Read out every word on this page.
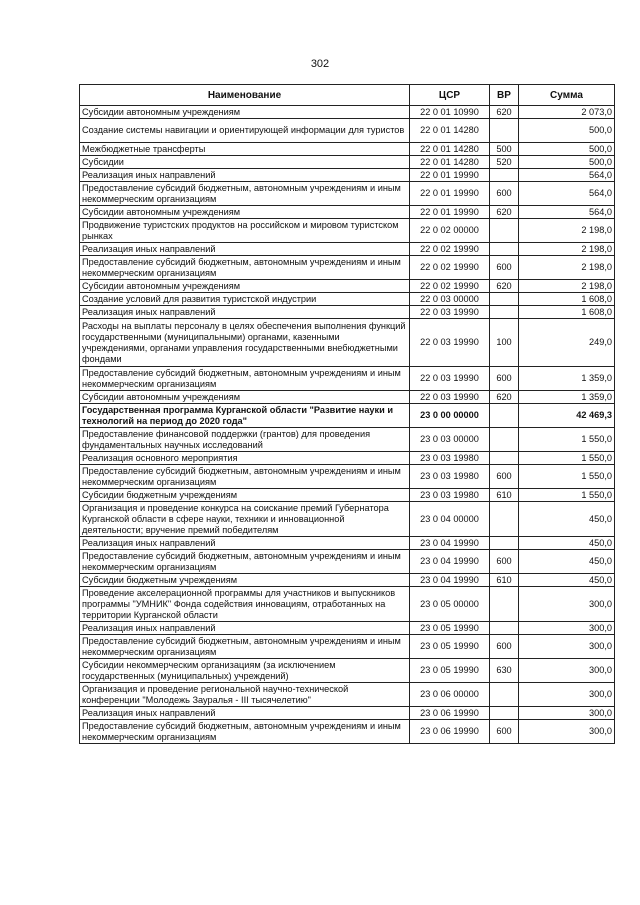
302
Наименование	ЦСР	ВР	Сумма
Субсидии автономным учреждениям	22 0 01 10990	620	2 073,0
Создание системы навигации и ориентирующей информации для туристов	22 0 01 14280		500,0
Межбюджетные трансферты	22 0 01 14280	500	500,0
Субсидии	22 0 01 14280	520	500,0
Реализация иных направлений	22 0 01 19990		564,0
Предоставление субсидий бюджетным, автономным учреждениям и иным некоммерческим организациям	22 0 01 19990	600	564,0
Субсидии автономным учреждениям	22 0 01 19990	620	564,0
Продвижение туристских продуктов на российском и мировом туристском рынках	22 0 02 00000		2 198,0
Реализация иных направлений	22 0 02 19990		2 198,0
Предоставление субсидий бюджетным, автономным учреждениям и иным некоммерческим организациям	22 0 02 19990	600	2 198,0
Субсидии автономным учреждениям	22 0 02 19990	620	2 198,0
Создание условий для развития туристской индустрии	22 0 03 00000		1 608,0
Реализация иных направлений	22 0 03 19990		1 608,0
Расходы на выплаты персоналу в целях обеспечения выполнения функций государственными (муниципальными) органами, казенными учреждениями, органами управления государственными внебюджетными фондами	22 0 03 19990	100	249,0
Предоставление субсидий бюджетным, автономным учреждениям и иным некоммерческим организациям	22 0 03 19990	600	1 359,0
Субсидии автономным учреждениям	22 0 03 19990	620	1 359,0
Государственная программа Курганской области "Развитие науки и технологий на период до 2020 года"	23 0 00 00000		42 469,3
Предоставление финансовой поддержки (грантов) для проведения фундаментальных научных исследований	23 0 03 00000		1 550,0
Реализация основного мероприятия	23 0 03 19980		1 550,0
Предоставление субсидий бюджетным, автономным учреждениям и иным некоммерческим организациям	23 0 03 19980	600	1 550,0
Субсидии бюджетным учреждениям	23 0 03 19980	610	1 550,0
Организация и проведение конкурса на соискание премий Губернатора Курганской области в сфере науки, техники и инновационной деятельности; вручение премий победителям	23 0 04 00000		450,0
Реализация иных направлений	23 0 04 19990		450,0
Предоставление субсидий бюджетным, автономным учреждениям и иным некоммерческим организациям	23 0 04 19990	600	450,0
Субсидии бюджетным учреждениям	23 0 04 19990	610	450,0
Проведение акселерационной программы для участников и выпускников программы "УМНИК" Фонда содействия инновациям, отработанных на территории Курганской области	23 0 05 00000		300,0
Реализация иных направлений	23 0 05 19990		300,0
Предоставление субсидий бюджетным, автономным учреждениям и иным некоммерческим организациям	23 0 05 19990	600	300,0
Субсидии некоммерческим организациям (за исключением государственных (муниципальных) учреждений)	23 0 05 19990	630	300,0
Организация и проведение региональной научно-технической конференции "Молодежь Зауралья - III тысячелетию"	23 0 06 00000		300,0
Реализация иных направлений	23 0 06 19990		300,0
Предоставление субсидий бюджетным, автономным учреждениям и иным некоммерческим организациям	23 0 06 19990	600	300,0
